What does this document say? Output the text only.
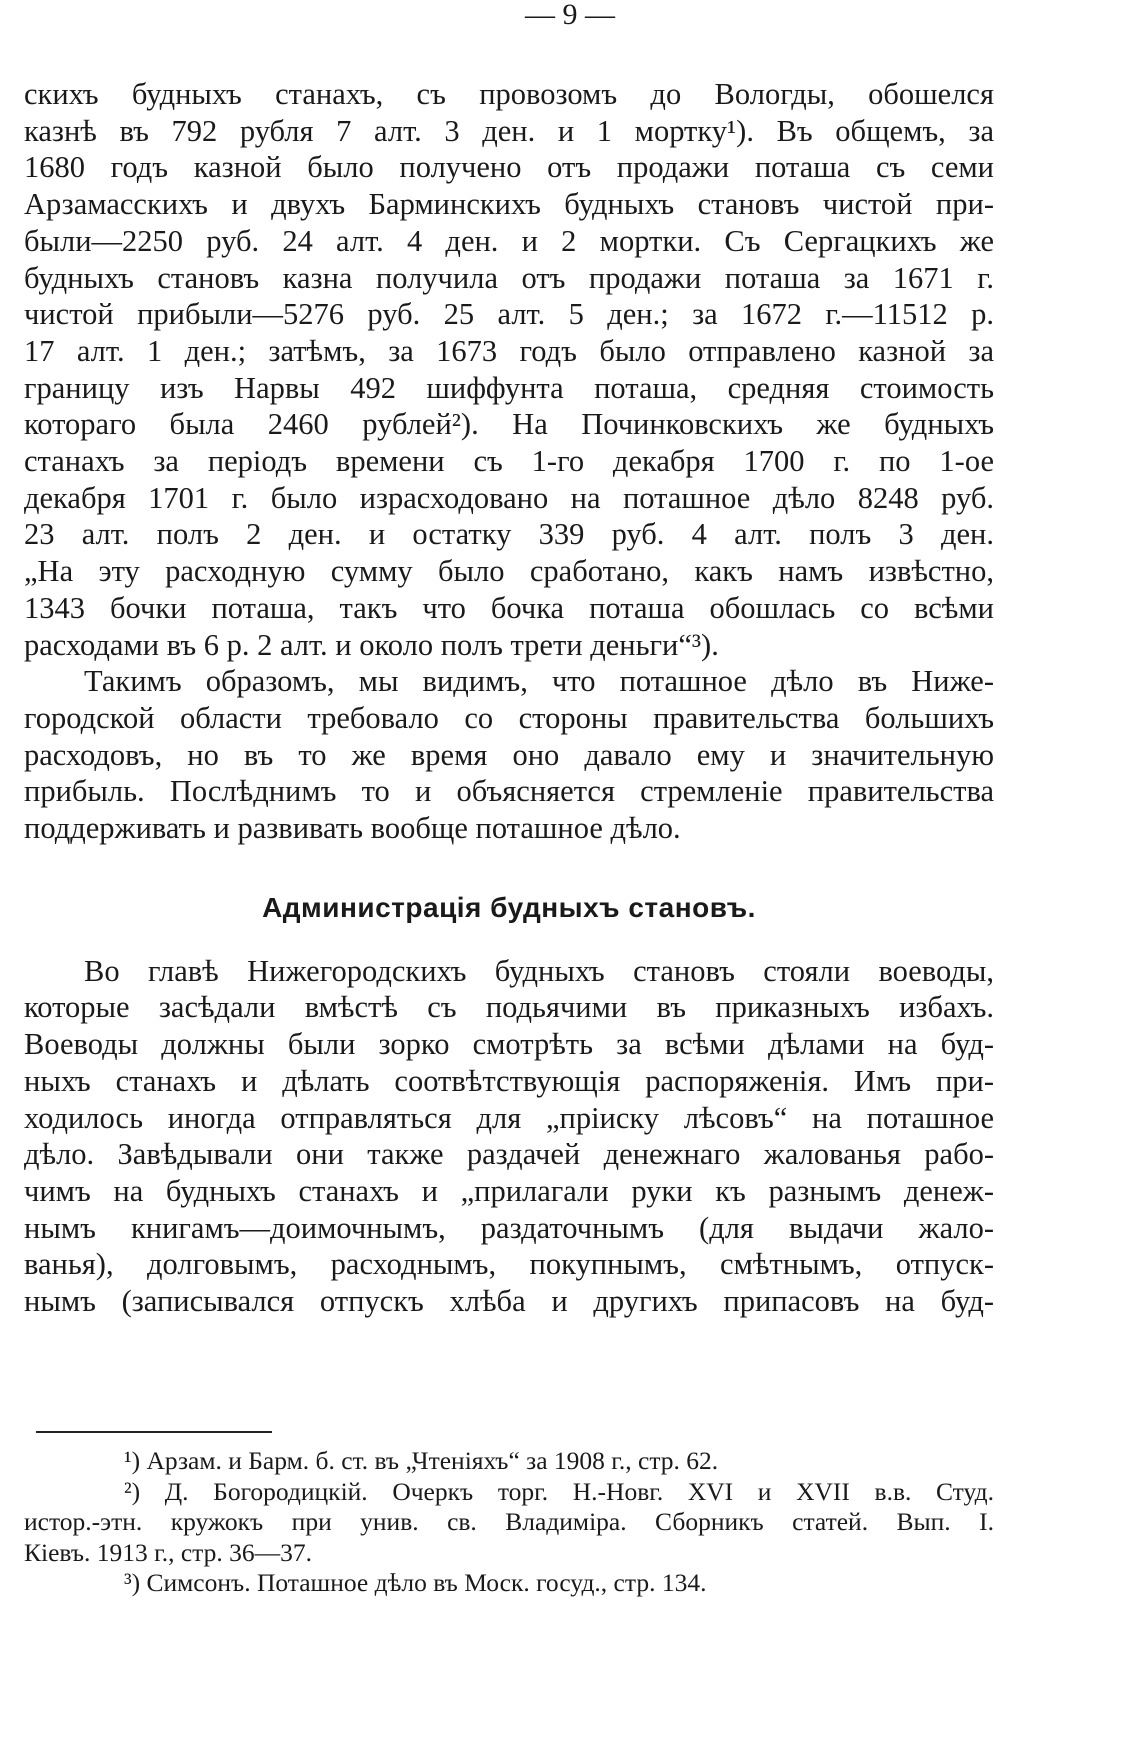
— 9 —
скихъ будныхъ станахъ, съ провозомъ до Вологды, обошелся
казнѣ въ 792 рубля 7 алт. 3 ден. и 1 мортку¹). Въ общемъ, за
1680 годъ казной было получено отъ продажи поташа съ семи
Арзамасскихъ и двухъ Барминскихъ будныхъ становъ чистой при-
были—2250 руб. 24 алт. 4 ден. и 2 мортки. Съ Сергацкихъ же
будныхъ становъ казна получила отъ продажи поташа за 1671 г.
чистой прибыли—5276 руб. 25 алт. 5 ден.; за 1672 г.—11512 р.
17 алт. 1 ден.; затѣмъ, за 1673 годъ было отправлено казной за
границу изъ Нарвы 492 шиффунта поташа, средняя стоимость
котораго была 2460 рублей²). На Починковскихъ же будныхъ
станахъ за періодъ времени съ 1-го декабря 1700 г. по 1-ое
декабря 1701 г. было израсходовано на поташное дѣло 8248 руб.
23 алт. полъ 2 ден. и остатку 339 руб. 4 алт. полъ 3 ден.
„На эту расходную сумму было сработано, какъ намъ извѣстно,
1343 бочки поташа, такъ что бочка поташа обошлась со всѣми
расходами въ 6 р. 2 алт. и около полъ трети деньги“³).
Такимъ образомъ, мы видимъ, что поташное дѣло въ Ниже-
городской области требовало со стороны правительства большихъ
расходовъ, но въ то же время оно давало ему и значительную
прибыль. Послѣднимъ то и объясняется стремленіе правительства
поддерживать и развивать вообще поташное дѣло.
Администрація будныхъ становъ.
Во главѣ Нижегородскихъ будныхъ становъ стояли воеводы,
которые засѣдали вмѣстѣ съ подьячими въ приказныхъ избахъ.
Воеводы должны были зорко смотрѣть за всѣми дѣлами на буд-
ныхъ станахъ и дѣлать соотвѣтствующія распоряженія. Имъ при-
ходилось иногда отправляться для „пріиску лѣсовъ“ на поташное
дѣло. Завѣдывали они также раздачей денежнаго жалованья рабо-
чимъ на будныхъ станахъ и „прилагали руки къ разнымъ денеж-
нымъ книгамъ—доимочнымъ, раздаточнымъ (для выдачи жало-
ванья), долговымъ, расходнымъ, покупнымъ, смѣтнымъ, отпуск-
нымъ (записывался отпускъ хлѣба и другихъ припасовъ на буд-
¹) Арзам. и Барм. б. ст. въ „Чтеніяхъ“ за 1908 г., стр. 62.
²) Д. Богородицкій. Очеркъ торг. Н.-Новг. XVI и XVII в.в. Студ.
истор.-этн. кружокъ при унив. св. Владиміра. Сборникъ статей. Вып. I.
Кіевъ. 1913 г., стр. 36—37.
³) Симсонъ. Поташное дѣло въ Моск. госуд., стр. 134.
